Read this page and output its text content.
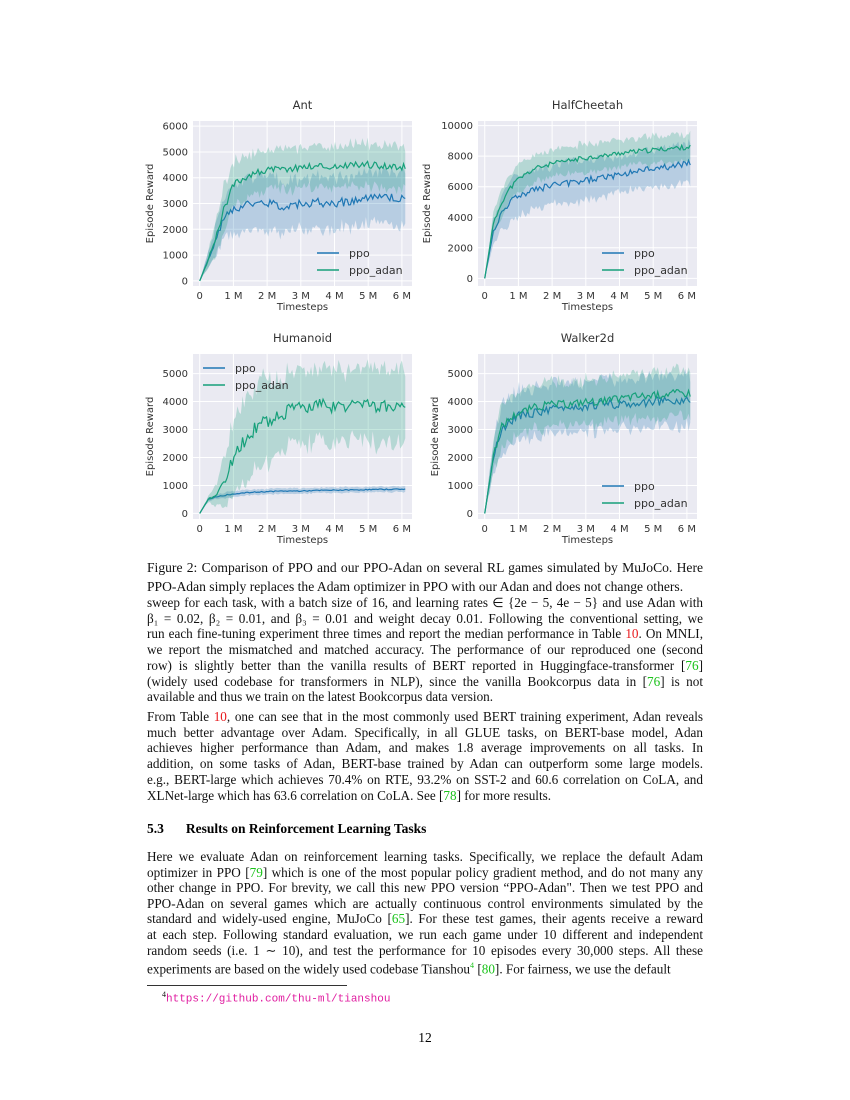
0 1 M 2 M 3 M 4 M 5 M 6 M
0
1000
2000
3000
4000
5000
6000
Ant
Timesteps
Episode Reward
ppo
ppo_adan
0 1 M 2 M 3 M 4 M 5 M 6 M
0
2000
4000
6000
8000
10000
HalfCheetah
Timesteps
Episode Reward
ppo
ppo_adan
0 1 M 2 M 3 M 4 M 5 M 6 M
0
1000
2000
3000
4000
5000
Humanoid
Timesteps
Episode Reward
ppo
ppo_adan
0 1 M 2 M 3 M 4 M 5 M 6 M
0
1000
2000
3000
4000
5000
Walker2d
Timesteps
Episode Reward
ppo
ppo_adan
Figure 2: Comparison of PPO and our PPO-Adan on several RL games simulated by MuJoCo. Here
PPO-Adan simply replaces the Adam optimizer in PPO with our Adan and does not change others.
sweep for each task, with a batch size of 16, and learning rates ∈ {2e − 5, 4e − 5} and use Adan with
β₁ = 0.02, β₂ = 0.01, and β₃ = 0.01 and weight decay 0.01. Following the conventional setting, we
run each fine-tuning experiment three times and report the median performance in Table 10. On MNLI,
we report the mismatched and matched accuracy. The performance of our reproduced one (second
row) is slightly better than the vanilla results of BERT reported in Huggingface-transformer [76]
(widely used codebase for transformers in NLP), since the vanilla Bookcorpus data in [76] is not
available and thus we train on the latest Bookcorpus data version.
From Table 10, one can see that in the most commonly used BERT training experiment, Adan reveals
much better advantage over Adam. Specifically, in all GLUE tasks, on BERT-base model, Adan
achieves higher performance than Adam, and makes 1.8 average improvements on all tasks. In
addition, on some tasks of Adan, BERT-base trained by Adan can outperform some large models.
e.g., BERT-large which achieves 70.4% on RTE, 93.2% on SST-2 and 60.6 correlation on CoLA, and
XLNet-large which has 63.6 correlation on CoLA. See [78] for more results.
5.3 Results on Reinforcement Learning Tasks
Here we evaluate Adan on reinforcement learning tasks. Specifically, we replace the default Adam
optimizer in PPO [79] which is one of the most popular policy gradient method, and do not many any
other change in PPO. For brevity, we call this new PPO version “PPO-Adan". Then we test PPO and
PPO-Adan on several games which are actually continuous control environments simulated by the
standard and widely-used engine, MuJoCo [65]. For these test games, their agents receive a reward
at each step. Following standard evaluation, we run each game under 10 different and independent
random seeds (i.e. 1 ∼ 10), and test the performance for 10 episodes every 30,000 steps. All these
experiments are based on the widely used codebase Tianshou$^4$ [80]. For fairness, we use the default
$^4$https://github.com/thu-ml/tianshou
12
